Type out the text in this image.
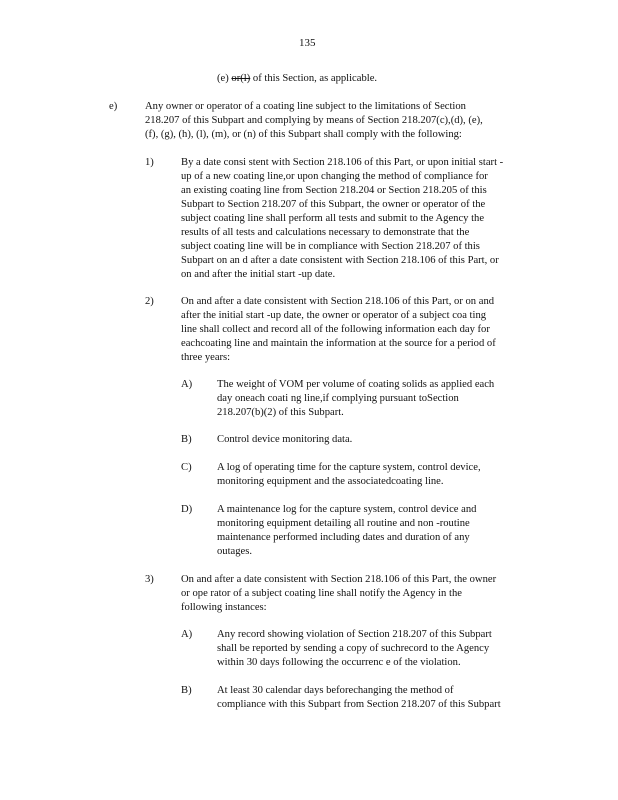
135
(e) or(l) of this Section, as applicable.
e)	Any owner or operator of a coating line subject to the limitations of Section
218.207 of this Subpart and complying by means of Section 218.207(c),(d), (e),
(f), (g), (h), (l), (m), or (n) of this Subpart shall comply with the following:
1)	By a date consi stent with Section 218.106 of this Part, or upon initial start -
up of a new coating line,or upon changing the method of compliance for
an existing coating line from Section 218.204 or Section 218.205 of this
Subpart to Section 218.207 of this Subpart, the owner or operator of the
subject coating line shall perform all tests and submit to the Agency the
results of all tests and calculations necessary to demonstrate that the
subject coating line will be in compliance with Section 218.207 of this
Subpart on an d after a date consistent with Section 218.106 of this Part, or
on and after the initial start -up date.
2)	On and after a date consistent with Section 218.106 of this Part, or on and
after the initial start -up date, the owner or operator of a subject coa ting
line shall collect and record all of the following information each day for
eachcoating line and maintain the information at the source for a period of
three years:
A) The weight of VOM per volume of coating solids as applied each
day oneach coati ng line,if complying pursuant toSection
218.207(b)(2) of this Subpart.
B) Control device monitoring data.
C) A log of operating time for the capture system, control device,
monitoring equipment and the associatedcoating line.
D) A maintenance log for the capture system, control device and
monitoring equipment detailing all routine and non -routine
maintenance performed including dates and duration of any
outages.
3)	On and after a date consistent with Section 218.106 of this Part, the owner
or ope rator of a subject coating line shall notify the Agency in the
following instances:
A) Any record showing violation of Section 218.207 of this Subpart
shall be reported by sending a copy of suchrecord to the Agency
within 30 days following the occurrenc e of the violation.
B) At least 30 calendar days beforechanging the method of
compliance with this Subpart from Section 218.207 of this Subpart
